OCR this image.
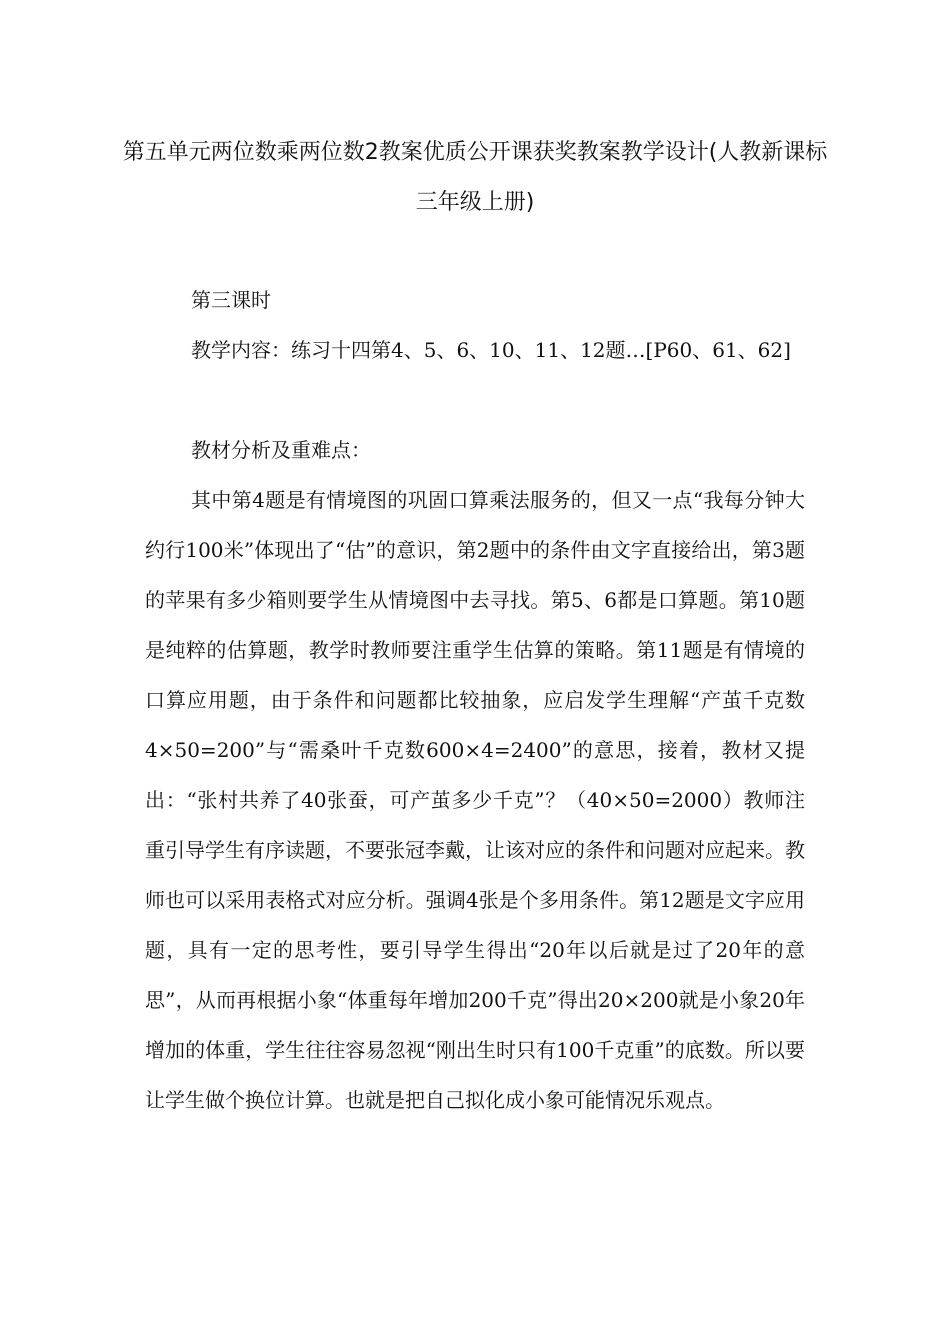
第五单元两位数乘两位数2教案优质公开课获奖教案教学设计(人教新课标三年级上册)

第三课时

教学内容：练习十四第4、5、6、10、11、12题…[P60、61、62]

教材分析及重难点：

其中第4题是有情境图的巩固口算乘法服务的，但又一点“我每分钟大约行100米”体现出了“估”的意识，第2题中的条件由文字直接给出，第3题的苹果有多少箱则要学生从情境图中去寻找。第5、6都是口算题。第10题是纯粹的估算题，教学时教师要注重学生估算的策略。第11题是有情境的口算应用题，由于条件和问题都比较抽象，应启发学生理解“产茧千克数4×50=200”与“需桑叶千克数600×4=2400”的意思，接着，教材又提出：“张村共养了40张蚕，可产茧多少千克”？（40×50=2000）教师注重引导学生有序读题，不要张冠李戴，让该对应的条件和问题对应起来。教师也可以采用表格式对应分析。强调4张是个多用条件。第12题是文字应用题，具有一定的思考性，要引导学生得出“20年以后就是过了20年的意思”，从而再根据小象“体重每年增加200千克”得出20×200就是小象20年增加的体重，学生往往容易忽视“刚出生时只有100千克重”的底数。所以要让学生做个换位计算。也就是把自己拟化成小象可能情况乐观点。
